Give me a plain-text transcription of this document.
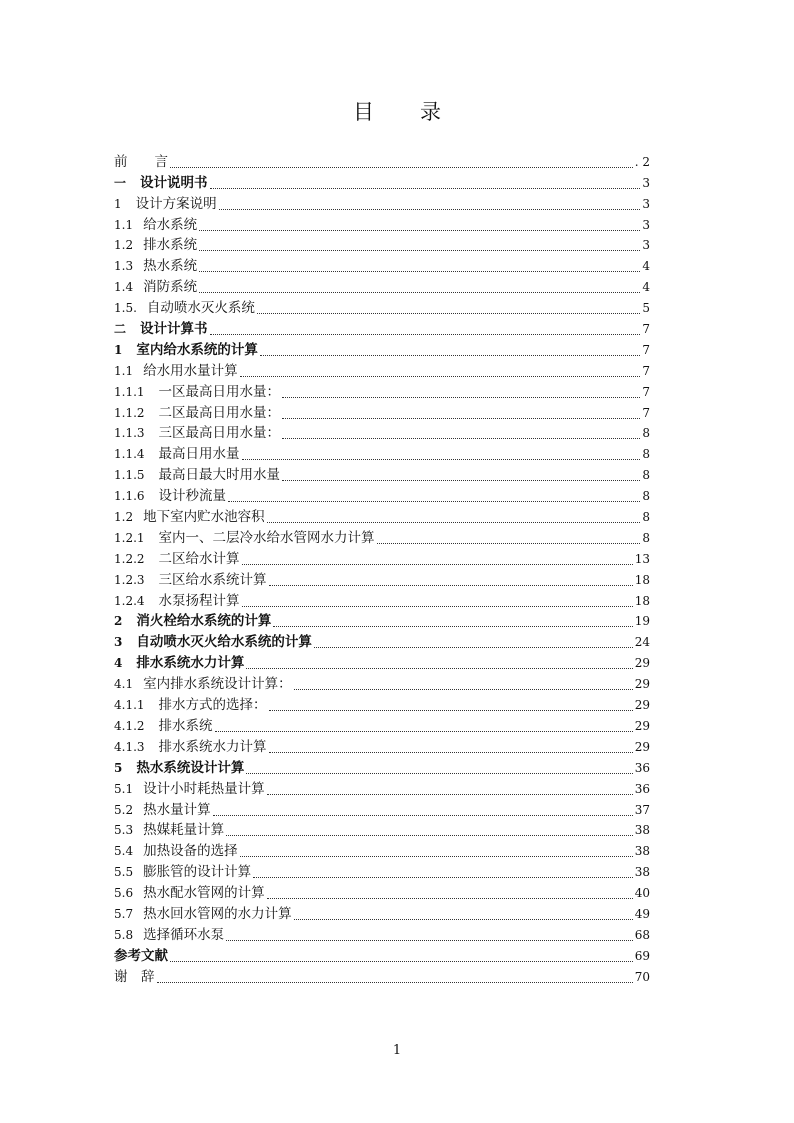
目 录
前　　言	. 2
一 设计说明书	3
1 设计方案说明	3
1.1 给水系统	3
1.2 排水系统	3
1.3 热水系统	4
1.4 消防系统	4
1.5. 自动喷水灭火系统	5
二 设计计算书	7
1 室内给水系统的计算	7
1.1 给水用水量计算	7
1.1.1 一区最高日用水量：	7
1.1.2 二区最高日用水量：	7
1.1.3 三区最高日用水量：	8
1.1.4 最高日用水量	8
1.1.5 最高日最大时用水量	8
1.1.6 设计秒流量	8
1.2 地下室内贮水池容积	8
1.2.1 室内一、二层冷水给水管网水力计算	8
1.2.2 二区给水计算	13
1.2.3 三区给水系统计算	18
1.2.4 水泵扬程计算	18
2 消火栓给水系统的计算	19
3 自动喷水灭火给水系统的计算	24
4 排水系统水力计算	29
4.1 室内排水系统设计计算：	29
4.1.1 排水方式的选择：	29
4.1.2 排水系统	29
4.1.3 排水系统水力计算	29
5 热水系统设计计算	36
5.1 设计小时耗热量计算	36
5.2 热水量计算	37
5.3 热媒耗量计算	38
5.4 加热设备的选择	38
5.5 膨胀管的设计计算	38
5.6 热水配水管网的计算	40
5.7 热水回水管网的水力计算	49
5.8 选择循环水泵	68
参考文献	69
谢　辞	70
1
